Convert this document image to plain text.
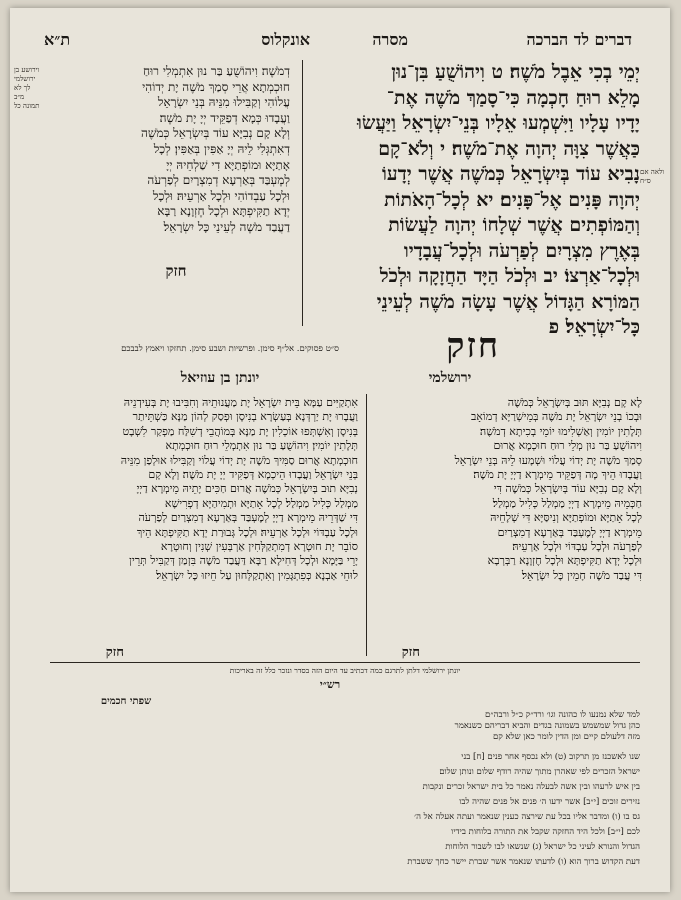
דברים לד הברכה
מסרה
אונקלוס
ת״א
יְמֵי בְכִי אֵבֶל מֹשֶׁה׃ ט וִיהוֹשֻׁעַ בִּן־נוּן
מָלֵא רוּחַ חָכְמָה כִּי־סָמַךְ מֹשֶׁה אֶת־
יָדָיו עָלָיו וַיִּשְׁמְעוּ אֵלָיו בְּנֵי־יִשְׂרָאֵל וַיַּעֲשׂוּ
כַּאֲשֶׁר צִוָּה יְהוָה אֶת־מֹשֶׁה׃ י וְלֹא־קָם
נָבִיא עוֹד בְּיִשְׂרָאֵל כְּמֹשֶׁה אֲשֶׁר יְדָעוֹ
יְהוָה פָּנִים אֶל־פָּנִים׃ יא לְכָל־הָאֹתוֹת
וְהַמּוֹפְתִים אֲשֶׁר שְׁלָחוֹ יְהוָה לַעֲשׂוֹת
בְּאֶרֶץ מִצְרָיִם לְפַרְעֹה וּלְכָל־עֲבָדָיו
וּלְכָל־אַרְצוֹ׃ יב וּלְכֹל הַיָּד הַחֲזָקָה וּלְכֹל
הַמּוֹרָא הַגָּדוֹל אֲשֶׁר עָשָׂה מֹשֶׁה לְעֵינֵי
כָּל־יִשְׂרָאֵל׃ פ
דְמֹשֶׁה׃ וִיהוֹשֻׁעַ בַּר נוּן אִתְמְלִי רוּחַ
חוּכְמְתָא אֲרֵי סְמַךְ מֹשֶׁה יָת יְדוֹהִי
עֲלוֹהִי וְקַבִּילוּ מִנֵּיהּ בְּנֵי יִשְׂרָאֵל
וַעֲבָדוּ כְּמָא דְפַקֵּיד יְיָ יָת מֹשֶׁה׃
וְלָא קָם נְבִיָּא עוֹד בְּיִשְׂרָאֵל כְּמֹשֶׁה
דְאִתְגְּלִי לֵיהּ יְיָ אַפִּין בְּאַפִּין׃ לְכָל
אָתַיָּא וּמוֹפְתַיָּא דִי שַׁלְחֵיהּ יְיָ
לְמֶעְבַּד בְּאַרְעָא דְמִצְרָיִם לְפַרְעֹה
וּלְכָל עַבְדוֹהִי וּלְכָל אַרְעֵיהּ׃ וּלְכָל
יְדָא תַקִּיפְתָּא וּלְכָל חֶזְוָנָא רַבָּא
דַעֲבַד מֹשֶׁה לְעֵינֵי כָּל יִשְׂרָאֵל׃
חזק
ס״ט פסוקים. אל״ף סימן. ופרשיות ושבע סימן. תחזקו ויאמץ לבבכם	חזק
ירושלמי
יונתן בן עוזיאל
לָא קָם נְבִיָּא תּוּב בְּיִשְׂרָאֵל כְּמֹשֶׁה
וּבְכוֹ בְנֵי יִשְׂרָאֵל יָת מֹשֶׁה בְּמֵישְׁרַיָּא דְמוֹאָב
תְּלָתִין יוֹמִין וְאַשְׁלִימוּ יוֹמֵי בְכִיתָא דְמֹשֶׁה׃
וִיהוֹשֻׁעַ בַּר נוּן מְלֵי רוּחַ חוּכְמָא אֲרוּם
סְמַךְ מֹשֶׁה יָת יְדוֹי עֲלוֹי וּשְׁמָעוּ לֵיהּ בְּנֵי יִשְׂרָאֵל
וַעֲבָדוּ הֵיךְ מָה דְּפַקֵּיד מֵימְרָא דַיְיָ יָת מֹשֶׁה׃
וְלָא קָם נְבִיָּא עוֹד בְּיִשְׂרָאֵל כְּמֹשֶׁה דִּי
חַכְּמֵיהּ מֵימְרָא דַיְיָ מַמְלַל כְּלִיל מַמְלַל׃
לְכָל אָתַיָּא וּמוֹפְתַיָּא וְנִיסַּיָּא דִּי שְׁלָחֵיהּ
מֵימְרָא דַיְיָ לְמֶעְבַּד בְּאַרְעָא דְמִצְרַיִם
לְפַרְעֹה וּלְכָל עַבְדּוֹי וּלְכָל אַרְעֵיהּ׃
וּלְכָל יְדָא תַקִּיפְתָּא וּלְכָל חֶזְוָנָא רַבְּרְבָא
דִּי עֲבַד מֹשֶׁה חָמֵין כָּל יִשְׂרָאֵל׃
אִתְקַיִּים עַמָּא בֵּית יִשְׂרָאֵל יָת מַעֲנוּתֵיהּ וְחִבִּיבוּ יָת בְּעִידְנֵיהּ
וַעֲבָרוּ יָת יַרְדְּנָא בְּעַשְׂרָא בְנִיסָן וּפְסַק לְהוֹן מַנָּא כַּשְׁתֵּיתַר
בְּנִיסָן וְאִשְׁתְּפוּ אוֹכְלִין יָת מַנָּא בְּמוֹהֲבֵי דְשִׁלַּח מַפְקַר לִשְׁבָט
תְּלָתִין יוֹמִין׃ וִיהוֹשֻׁעַ בַּר נוּן אִתְמְלֵי רוּחַ חוּכְמְתָא
חוּכְמְתָא אֲרוּם סַמִּיךְ מֹשֶׁה יָת יְדוֹי עֲלוֹי וְקַבִּילוּ אוּלְפַן מִנֵּיהּ
בְּנֵי יִשְׂרָאֵל וַעֲבָדוּ הֵיכְמָא דְּפַקִּיד יְיָ יָת מֹשֶׁה׃ וְלָא קָם
נְבִיָּא תוּב בְּיִשְׂרָאֵל כְּמֹשֶׁה אֲרוּם חַכִּים יָתֵיהּ מֵימְרָא דַיְיָ
מַמְלַל כְּלִיל מַמְלַל׃ לְכָל אָתַיָּא וּתְמִיהַיָּא דְפְרִישָׁא
דִּי שַׁדְּרֵיהּ מֵימְרָא דַיְיָ לְמֶעְבַּד בְּאַרְעָא דְמִצְרַיִם לְפַרְעֹה
וּלְכָל עַבְדּוֹי וּלְכָל אַרְעֵיהּ׃ וּלְכָל גְּבוּרַת יְדָא תַקִּיפְתָּא הֵיךְ
סוֹבֵר יָת חוּטְרָא דְמִתְקַלְּחִין אַרְבְּעִין שְׁנִין וְחוּטְרָא
יָרֵי בַּיָּמָא וּלְכָל דְּחִילָא רַבָּא דַּעֲבַד מֹשֶׁה בִּזְמַן דְּקַבִּיל תְּרֵין
לוּחֵי אַבְנָא כְּפִתְגָּמִין וְאִתְקַלְּחוּן עַל חֵיזוּ כָּל יִשְׂרָאֵל׃
חזק
חזק
יונתן ירושלמי דלתן לתרגם כמה דכתיב עד היום הזה בסדר ונזכר כלל זה באריכות
רש״י
שפתי חכמים
למד שלא נמנעו לו כהונה וגו׳ ורד״ק כ״ל ורבה״ם
כהן גדול שמשמש בשמונה בגדים והביא דבריהם כשנאמר
מזה דלעולם קיים ומן הדין לומר כאן שלא קם
שנו לאשכנז מן תרקוב ‏(ט) ולא נכסף אחר פנים ‏[ח] בני
ישראל ‏‏הזכרים לפי שאהרן מתוך שהיה רודף שלום ונותן שלום
בין איש לרעהו ובין אשה לבעלה נאמר כל בית ישראל זכרים ונקבות
נזירים זוכים ‏[י״ב] אשר ידעו ה׳ פנים אל פנים שהיה לבו
גס בו ‏(ו) ומדבר אליו בכל עת שירצה כענין שנאמר ועתה אעלה אל ה׳
לכם ‏[י״ב] ולכל היד החזקה שקבל את התורה בלוחות בידיו
הגדול והנורא לעיני כל ישראל ‏(ג) שנשאו לבו לשבור הלוחות
דעת הקדוש ברוך הוא ‏(ו) לדעתו שנאמר אשר שברת יישר כחך ששברת
וירושע בן
ירושלמי
לך לא
מ״ב
תמונה כל
ולאה אם
ס״ח
